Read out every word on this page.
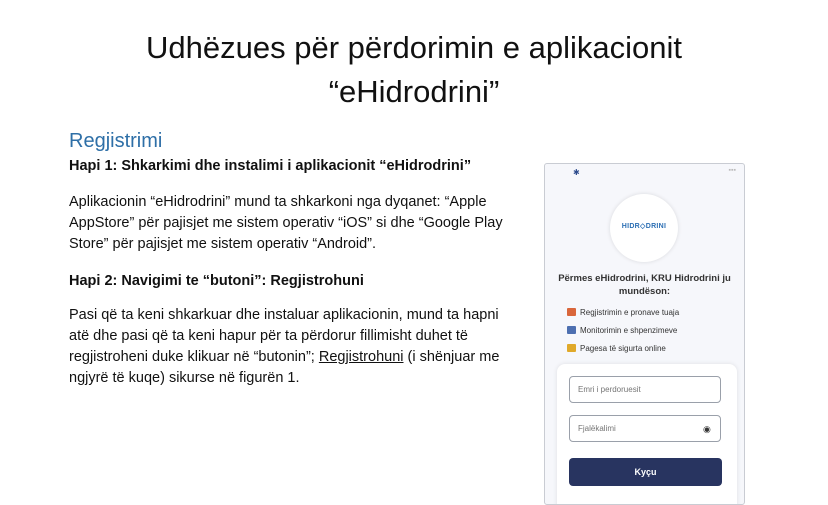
Udhëzues për përdorimin e aplikacionit
“eHidrodrini”
Regjistrimi
Hapi 1: Shkarkimi dhe instalimi i aplikacionit “eHidrodrini”
Aplikacionin “eHidrodrini” mund ta shkarkoni nga dyqanet: “Apple
AppStore” për pajisjet me sistem operativ “iOS” si dhe “Google Play
Store” për pajisjet me sistem operativ “Android”.
Hapi 2: Navigimi te “butoni”: Regjistrohuni
Pasi që ta keni shkarkuar dhe instaluar aplikacionin, mund ta hapni
atë dhe pasi që ta keni hapur për ta përdorur fillimisht duhet të
regjistroheni duke klikuar në “butonin”; Regjistrohuni (i shënjuar me
ngjyrë të kuqe) sikurse në figurën 1.
✱	▪▪▪
HIDR◇DRINI
Përmes eHidrodrini, KRU Hidrodrini ju
mundëson:
Regjistrimin e pronave tuaja
Monitorimin e shpenzimeve
Pagesa të sigurta online
Emri i perdoruesit
◉
Kyçu
